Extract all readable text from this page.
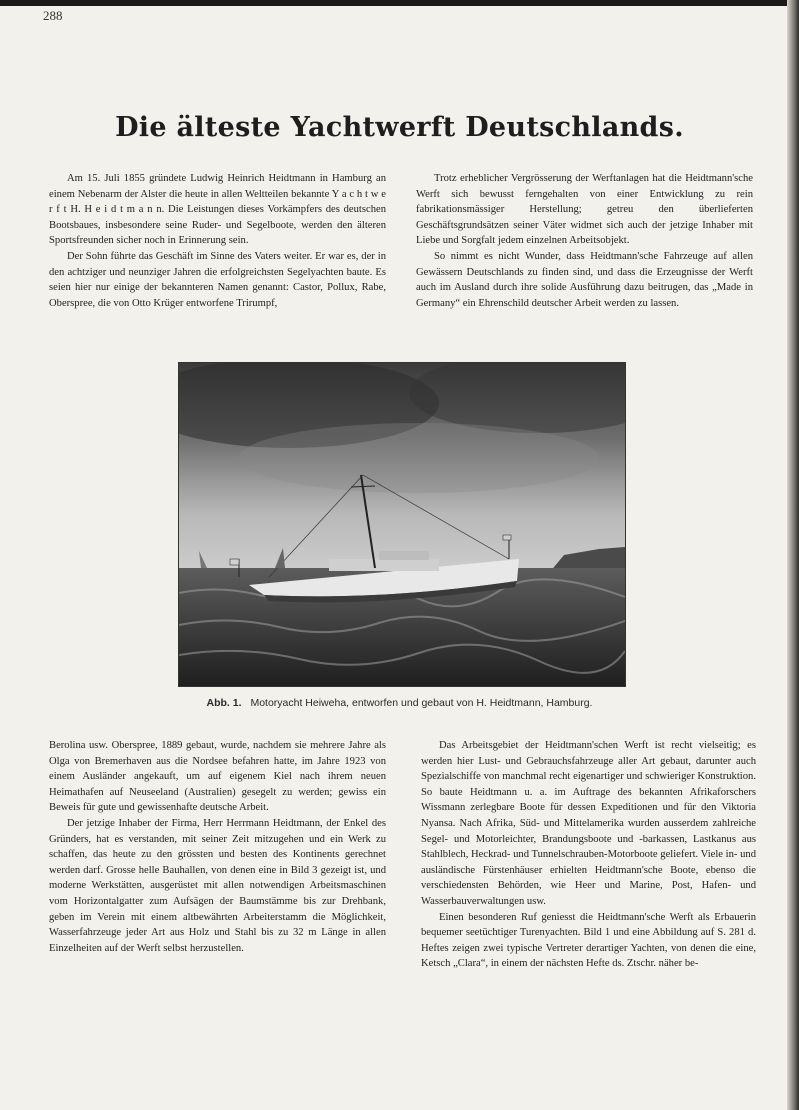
288
Die älteste Yachtwerft Deutschlands.

Am 15. Juli 1855 gründete Ludwig Heinrich Heidtmann in Hamburg an einem Nebenarm der Alster die heute in allen Weltteilen bekannte Y a c h t w e r f t H. H e i d t m a n n. Die Leistungen dieses Vorkämpfers des deutschen Bootsbaues, insbesondere seine Ruder- und Segelboote, werden den älteren Sportsfreunden sicher noch in Erinnerung sein.

Der Sohn führte das Geschäft im Sinne des Vaters weiter. Er war es, der in den achtziger und neunziger Jahren die erfolgreichsten Segelyachten baute. Es seien hier nur einige der bekannteren Namen genannt: Castor, Pollux, Rabe, Oberspree, die von Otto Krüger entworfene Trirumpf,

Trotz erheblicher Vergrösserung der Werftanlagen hat die Heidtmann'sche Werft sich bewusst ferngehalten von einer Entwicklung zu rein fabrikationsmässiger Herstellung; getreu den überlieferten Geschäftsgrundsätzen seiner Väter widmet sich auch der jetzige Inhaber mit Liebe und Sorgfalt jedem einzelnen Arbeitsobjekt.

So nimmt es nicht Wunder, dass Heidtmann'sche Fahrzeuge auf allen Gewässern Deutschlands zu finden sind, und dass die Erzeugnisse der Werft auch im Ausland durch ihre solide Ausführung dazu beitrugen, das „Made in Germany“ ein Ehrenschild deutscher Arbeit werden zu lassen.

Abb. 1. Motoryacht Heiweha, entworfen und gebaut von H. Heidtmann, Hamburg.

Berolina usw. Oberspree, 1889 gebaut, wurde, nachdem sie mehrere Jahre als Olga von Bremerhaven aus die Nordsee befahren hatte, im Jahre 1923 von einem Ausländer angekauft, um auf eigenem Kiel nach ihrem neuen Heimathafen auf Neuseeland (Australien) gesegelt zu werden; gewiss ein Beweis für gute und gewissenhafte deutsche Arbeit.

Der jetzige Inhaber der Firma, Herr Herrmann Heidtmann, der Enkel des Gründers, hat es verstanden, mit seiner Zeit mitzugehen und ein Werk zu schaffen, das heute zu den grössten und besten des Kontinents gerechnet werden darf. Grosse helle Bauhallen, von denen eine in Bild 3 gezeigt ist, und moderne Werkstätten, ausgerüstet mit allen notwendigen Arbeitsmaschinen vom Horizontalgatter zum Aufsägen der Baumstämme bis zur Drehbank, geben im Verein mit einem altbewährten Arbeiterstamm die Möglichkeit, Wasserfahrzeuge jeder Art aus Holz und Stahl bis zu 32 m Länge in allen Einzelheiten auf der Werft selbst herzustellen.

Das Arbeitsgebiet der Heidtmann'schen Werft ist recht vielseitig; es werden hier Lust- und Gebrauchsfahrzeuge aller Art gebaut, darunter auch Spezialschiffe von manchmal recht eigenartiger und schwieriger Konstruktion. So baute Heidtmann u. a. im Auftrage des bekannten Afrikaforschers Wissmann zerlegbare Boote für dessen Expeditionen und für den Viktoria Nyansa. Nach Afrika, Süd- und Mittelamerika wurden ausserdem zahlreiche Segel- und Motorleichter, Brandungsboote und -barkassen, Lastkanus aus Stahlblech, Heckrad- und Tunnelschrauben-Motorboote geliefert. Viele in- und ausländische Fürstenhäuser erhielten Heidtmann'sche Boote, ebenso die verschiedensten Behörden, wie Heer und Marine, Post, Hafen- und Wasserbauverwaltungen usw.

Einen besonderen Ruf geniesst die Heidtmann'sche Werft als Erbauerin bequemer seetüchtiger Turenyachten. Bild 1 und eine Abbildung auf S. 281 d. Heftes zeigen zwei typische Vertreter derartiger Yachten, von denen die eine, Ketsch „Clara“, in einem der nächsten Hefte ds. Ztschr. näher be-
